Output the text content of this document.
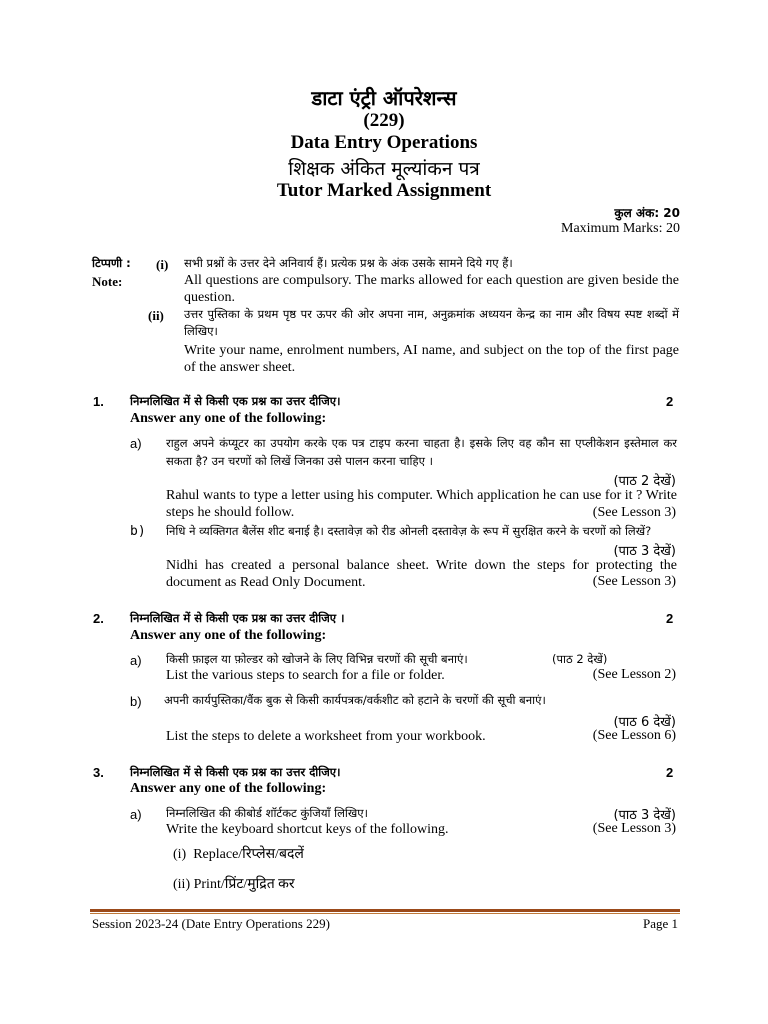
डाटा एंट्री ऑपरेशन्स
(229)
Data Entry Operations
शिक्षक अंकित मूल्यांकन पत्र
Tutor Marked Assignment
कुल अंक: 20
Maximum Marks: 20
टिप्पणी : (i) सभी प्रश्नों के उत्तर देने अनिवार्य हैं। प्रत्येक प्रश्न के अंक उसके सामने दिये गए हैं।
Note:	All questions are compulsory. The marks allowed for each question are given beside the question.
(ii) उत्तर पुस्तिका के प्रथम पृष्ठ पर ऊपर की ओर अपना नाम, अनुक्रमांक अध्ययन केन्द्र का नाम और विषय स्पष्ट शब्दों में लिखिए।
Write your name, enrolment numbers, AI name, and subject on the top of the first page of the answer sheet.
1. निम्नलिखित में से किसी एक प्रश्न का उत्तर दीजिए।	2
Answer any one of the following:
a) राहुल अपने कंप्यूटर का उपयोग करके एक पत्र टाइप करना चाहता है। इसके लिए वह कौन सा एप्लीकेशन इस्तेमाल कर सकता है? उन चरणों को लिखें जिनका उसे पालन करना चाहिए ।
(पाठ 2 देखें)
Rahul wants to type a letter using his computer. Which application he can use for it ? Write steps he should follow.	(See Lesson 3)
b) निधि ने व्यक्तिगत बैलेंस शीट बनाई है। दस्तावेज़ को रीड ओनली दस्तावेज़ के रूप में सुरक्षित करने के चरणों को लिखें?
(पाठ 3 देखें)
Nidhi has created a personal balance sheet. Write down the steps for protecting the document as Read Only Document.	(See Lesson 3)
2. निम्नलिखित में से किसी एक प्रश्न का उत्तर दीजिए ।	2
Answer any one of the following:
a) किसी फ़ाइल या फ़ोल्डर को खोजने के लिए विभिन्न चरणों की सूची बनाएं।	(पाठ 2 देखें)
List the various steps to search for a file or folder.	(See Lesson 2)
b) अपनी कार्यपुस्तिका/वैंक बुक से किसी कार्यपत्रक/वर्कशीट को हटाने के चरणों की सूची बनाएं।
(पाठ 6 देखें)
List the steps to delete a worksheet from your workbook.	(See Lesson 6)
3. निम्नलिखित में से किसी एक प्रश्न का उत्तर दीजिए।	2
Answer any one of the following:
a) निम्नलिखित की कीबोर्ड शॉर्टकट कुंजियाँ लिखिए।	(पाठ 3 देखें)
Write the keyboard shortcut keys of the following.	(See Lesson 3)
(i)  Replace/रिप्लेस/बदलें
(ii) Print/प्रिंट/मुद्रित कर
Session 2023-24 (Date Entry Operations 229)	Page 1
